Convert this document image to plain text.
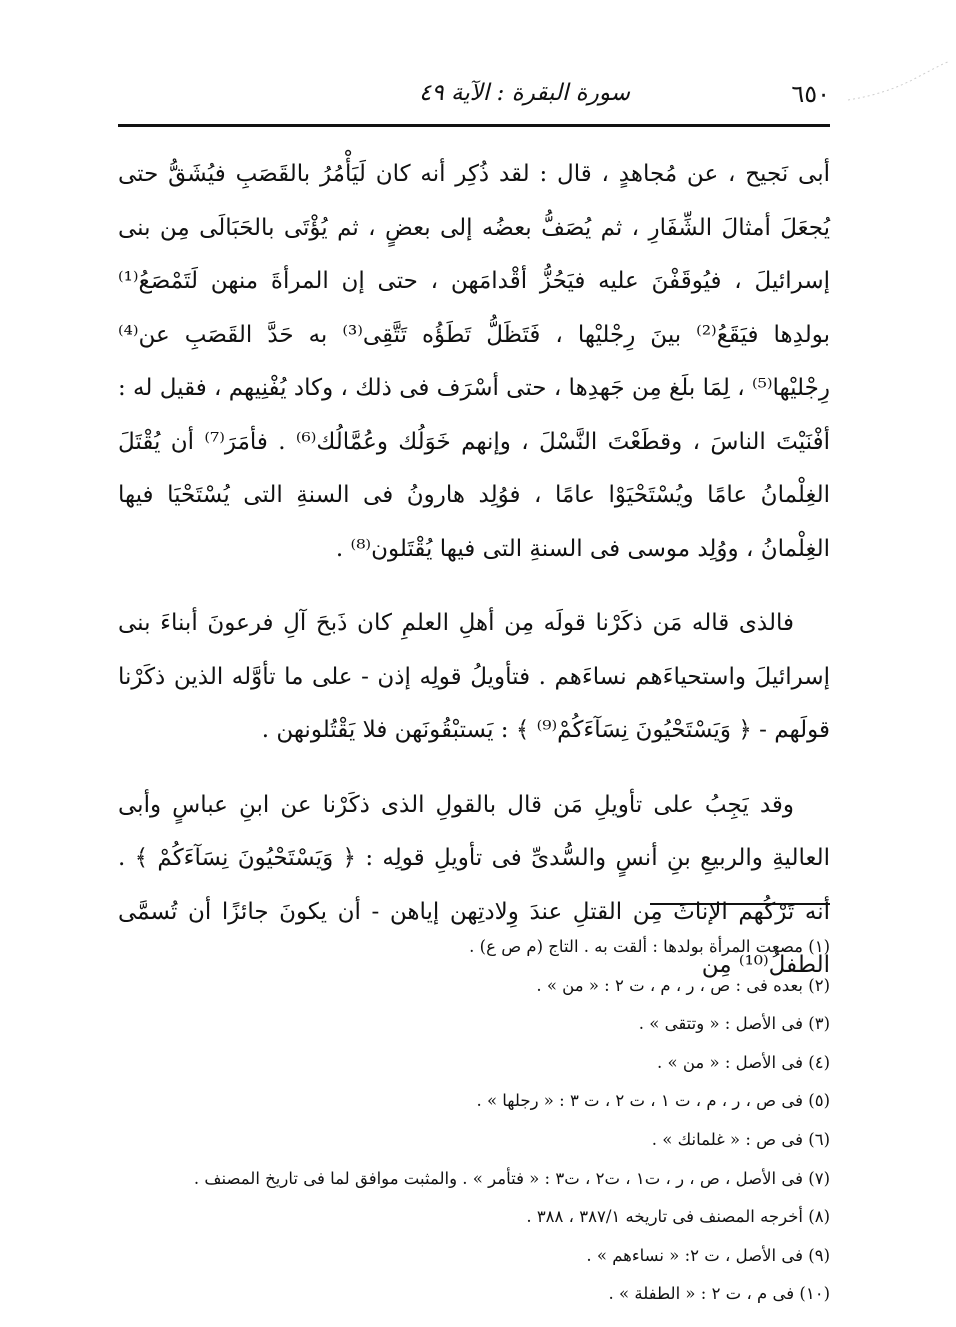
٦٥٠
سورة البقرة : الآية ٤٩

أبى نَجيح ، عن مُجاهدٍ ، قال : لقد ذُكِر أنه كان لَيَأْمُرُ بالقَصَبِ فيُشَقُّ حتى يُجعَلَ أمثالَ الشِّفَارِ ، ثم يُصَفُّ بعضُه إلى بعضٍ ، ثم يُؤْتَى بالحَبَالَى مِن بنى إسرائيلَ ، فيُوقَفْنَ عليه فيَحُزُّ أقْدامَهن ، حتى إن المرأةَ منهن لَتَمْصَعُ⁽¹⁾ بولدِها فيَقَعُ⁽²⁾ بينَ رِجْليْها ، فَتَظَلُّ تَطَؤُه تَتَّقِى⁽³⁾ به حَدَّ القَصَبِ عن⁽⁴⁾ رِجْليْها⁽⁵⁾ ، لِمَا بلَغ مِن جَهدِها ، حتى أسْرَف فى ذلك ، وكاد يُفْنِيهم ، فقيل له : أفْنَيْتَ الناسَ ، وقطَعْتَ النَّسْلَ ، وإنهم خَوَلُك وعُمَّالُك⁽⁶⁾ . فأمَرَ⁽⁷⁾ أن يُقْتَلَ الغِلْمانُ عامًا ويُسْتَحْيَوْا عامًا ، فوُلِد هارونُ فى السنةِ التى يُسْتَحْيَا فيها الغِلْمانُ ، ووُلِد موسى فى السنةِ التى فيها يُقْتَلون⁽⁸⁾ .

فالذى قاله مَن ذكَرْنا قولَه مِن أهلِ العلمِ كان ذَبحَ آلِ فرعونَ أبناءَ بنى إسرائيلَ واستحياءَهم نساءَهم . فتأويلُ قولِه إذن - على ما تأوَّله الذين ذكَرْنا قولَهم - ﴿ وَيَسْتَحْيُونَ نِسَآءَكُمْ⁽⁹⁾ ﴾ : يَستبْقُونَهن فلا يَقْتُلونهن .

وقد يَجِبُ على تأويلِ مَن قال بالقولِ الذى ذكَرْنا عن ابنِ عباسٍ وأبى العاليةِ والربيعِ بنِ أنسٍ والسُّدىِّ فى تأويلِ قولِه : ﴿ وَيَسْتَحْيُونَ نِسَآءَكُمْ ﴾ . أنه تَرْكُهم الإناثَ مِن القتلِ عندَ وِلادتِهن إياهن - أن يكونَ جائزًا أن تُسمَّى الطفلُ⁽¹⁰⁾ مِن

(١) مصعت المرأة بولدها : ألقت به . التاج (م ص ع) .
(٢) بعده فى : ص ، ر ، م ، ت ٢ : « من » .
(٣) فى الأصل : « وتتقى » .
(٤) فى الأصل : « من » .
(٥) فى ص ، ر ، م ، ت ١ ، ت ٢ ، ت ٣ : « رجلها » .
(٦) فى ص : « غلمانك » .
(٧) فى الأصل ، ص ، ر ، ت١ ، ت٢ ، ت٣ : « فتأمر » . والمثبت موافق لما فى تاريخ المصنف .
(٨) أخرجه المصنف فى تاريخه ٣٨٧/١ ، ٣٨٨ .
(٩) فى الأصل ، ت ٢: « نساءهم » .
(١٠) فى م ، ت ٢ : « الطفلة » .
